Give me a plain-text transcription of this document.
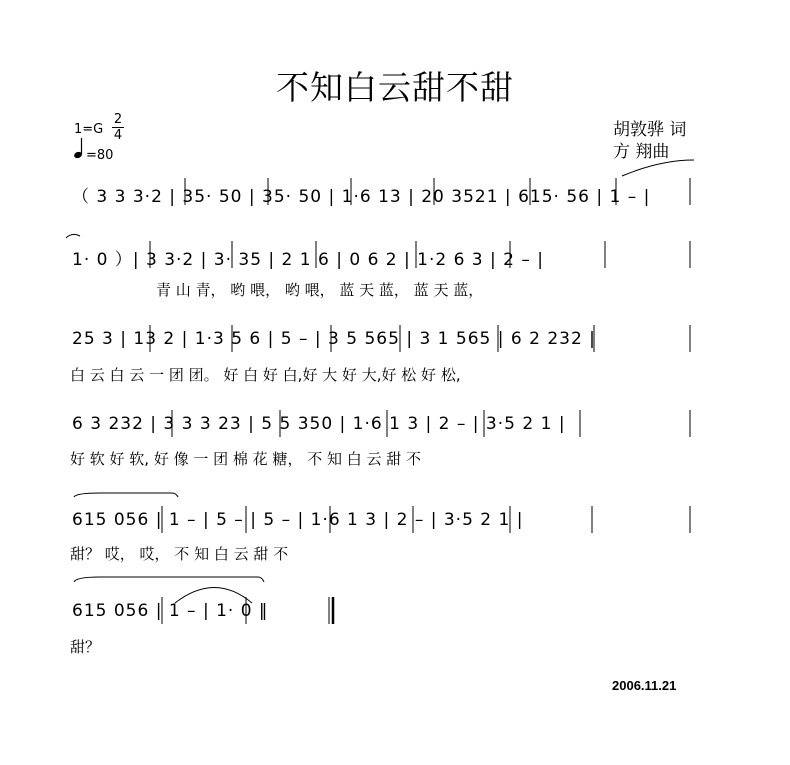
不知白云甜不甜
胡敦骅 词
方 翔曲
1=G
2
4
（ 3 3 3·2 | 35· 50 | 35· 50 | 1·6 13 | 20 3521 | 615· 56 | 1 – |
1· 0 ）| 3 3·2 | 3· 35 | 2 1 6 | 0 6 2 | 1·2 6 3 | 2 – |
青 山 青， 哟 喂， 哟 喂， 蓝 天 蓝， 蓝 天 蓝，
25 3 | 13 2 | 1·3 5 6 | 5 – | 3 5 565 | 3 1 565 | 6 2 232 |
白 云 白 云 一 团 团。 好 白 好 白,好 大 好 大,好 松 好 松,
6 3 232 | 3 3 3 23 | 5 5 350 | 1·6 1 3 | 2 – | 3·5 2 1 |
好 软 好 软, 好 像 一 团 棉 花 糖， 不 知 白 云 甜 不
615 056 | 1 – | 5 – | 5 – | 1·6 1 3 | 2 – | 3·5 2 1 |
甜？ 哎， 哎， 不 知 白 云 甜 不
615 056 | 1 – | 1· 0 ‖
甜？
=80
2006.11.21
